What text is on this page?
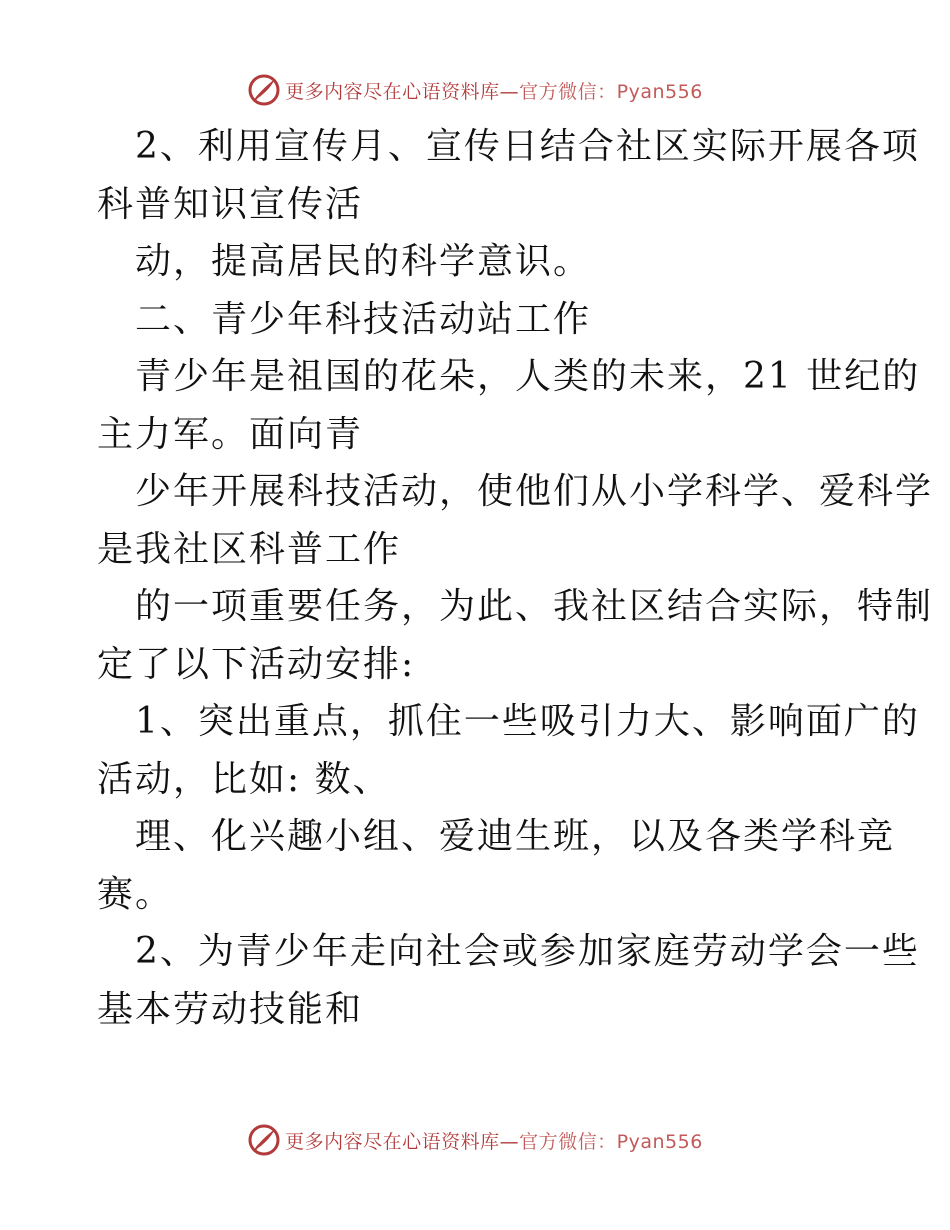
更多内容尽在心语资料库—官方微信：Pyan556
2、利用宣传月、宣传日结合社区实际开展各项
科普知识宣传活
动，提高居民的科学意识。
二、青少年科技活动站工作
青少年是祖国的花朵，人类的未来，21 世纪的
主力军。面向青
少年开展科技活动，使他们从小学科学、爱科学
是我社区科普工作
的一项重要任务，为此、我社区结合实际，特制
定了以下活动安排:
1、突出重点，抓住一些吸引力大、影响面广的
活动，比如: 数、
理、化兴趣小组、爱迪生班，以及各类学科竞
赛。
2、为青少年走向社会或参加家庭劳动学会一些
基本劳动技能和
更多内容尽在心语资料库—官方微信：Pyan556
